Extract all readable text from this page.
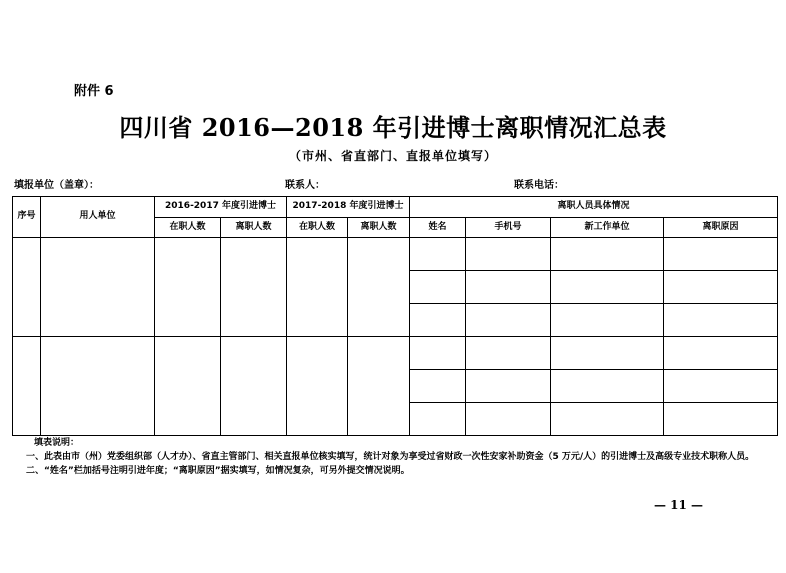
附件 6
四川省 2016—2018 年引进博士离职情况汇总表
（市州、省直部门、直报单位填写）
填报单位（盖章）：	联系人：	联系电话：
序号	用人单位	2016-2017 年度引进博士		2017-2018 年度引进博士		离职人员具体情况			
		在职人数	离职人数	在职人数	离职人数	姓名	手机号	新工作单位	离职原因

填表说明：
一、此表由市（州）党委组织部（人才办）、省直主管部门、相关直报单位核实填写，统计对象为享受过省财政一次性安家补助资金（5 万元/人）的引进博士及高级专业技术职称人员。
二、“姓名”栏加括号注明引进年度；“离职原因”据实填写，如情况复杂，可另外提交情况说明。
— 11 —
